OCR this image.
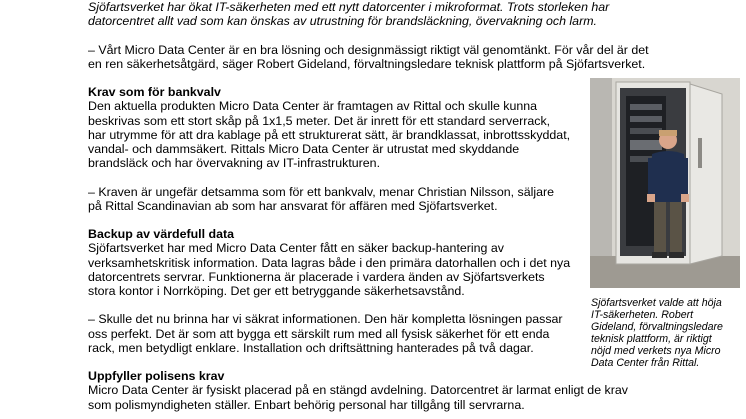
Sjöfartsverket har ökat IT-säkerheten med ett nytt datorcenter i mikroformat. Trots storleken har

datorcentret allt vad som kan önskas av utrustning för brandsläckning, övervakning och larm.

– Vårt Micro Data Center är en bra lösning och designmässigt riktigt väl genomtänkt. För vår del är det

en ren säkerhetsåtgärd, säger Robert Gideland, förvaltningsledare teknisk plattform på Sjöfartsverket.

Krav som för bankvalv

Den aktuella produkten Micro Data Center är framtagen av Rittal och skulle kunna

beskrivas som ett stort skåp på 1x1,5 meter. Det är inrett för ett standard serverrack,

har utrymme för att dra kablage på ett strukturerat sätt, är brandklassat, inbrottsskyddat,

vandal- och dammsäkert. Rittals Micro Data Center är utrustat med skyddande

brandsläck och har övervakning av IT-infrastrukturen.

– Kraven är ungefär detsamma som för ett bankvalv, menar Christian Nilsson, säljare

på Rittal Scandinavian ab som har ansvarat för affären med Sjöfartsverket.

Backup av värdefull data

Sjöfartsverket har med Micro Data Center fått en säker backup-hantering av

verksamhetskritisk information. Data lagras både i den primära datorhallen och i det nya

datorcentrets servrar. Funktionerna är placerade i vardera änden av Sjöfartsverkets

stora kontor i Norrköping. Det ger ett betryggande säkerhetsavstånd.

– Skulle det nu brinna har vi säkrat informationen. Den här kompletta lösningen passar

oss perfekt. Det är som att bygga ett särskilt rum med all fysisk säkerhet för ett enda

rack, men betydligt enklare. Installation och driftsättning hanterades på två dagar.

Uppfyller polisens krav

Micro Data Center är fysiskt placerad på en stängd avdelning. Datorcentret är larmat enligt de krav

som polismyndigheten ställer. Enbart behörig personal har tillgång till servrarna.

Sjöfartsverket valde att höja

IT-säkerheten. Robert

Gideland, förvaltningsledare

teknisk plattform, är riktigt

nöjd med verkets nya Micro

Data Center från Rittal.
